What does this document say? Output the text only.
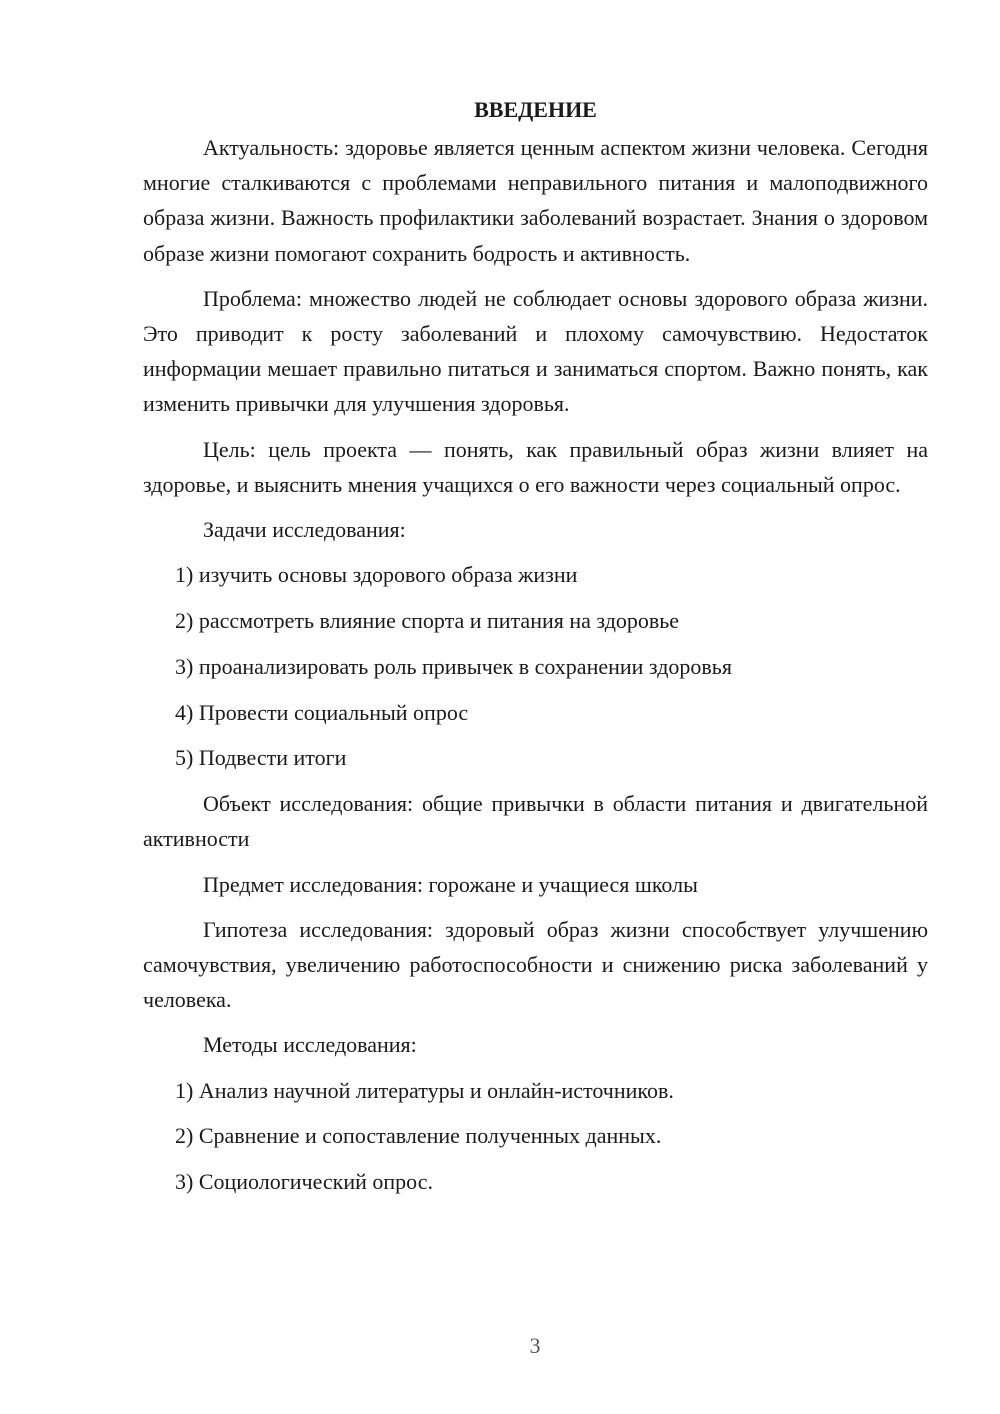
ВВЕДЕНИЕ

Актуальность: здоровье является ценным аспектом жизни человека. Сегодня многие сталкиваются с проблемами неправильного питания и малоподвижного образа жизни. Важность профилактики заболеваний возрастает. Знания о здоровом образе жизни помогают сохранить бодрость и активность.

Проблема: множество людей не соблюдает основы здорового образа жизни. Это приводит к росту заболеваний и плохому самочувствию. Недостаток информации мешает правильно питаться и заниматься спортом. Важно понять, как изменить привычки для улучшения здоровья.

Цель: цель проекта — понять, как правильный образ жизни влияет на здоровье, и выяснить мнения учащихся о его важности через социальный опрос.

Задачи исследования:

1) изучить основы здорового образа жизни
2) рассмотреть влияние спорта и питания на здоровье
3) проанализировать роль привычек в сохранении здоровья
4) Провести социальный опрос
5) Подвести итоги

Объект исследования: общие привычки в области питания и двигательной активности

Предмет исследования: горожане и учащиеся школы

Гипотеза исследования: здоровый образ жизни способствует улучшению самочувствия, увеличению работоспособности и снижению риска заболеваний у человека.

Методы исследования:

1) Анализ научной литературы и онлайн-источников.
2) Сравнение и сопоставление полученных данных.
3) Социологический опрос.
3
